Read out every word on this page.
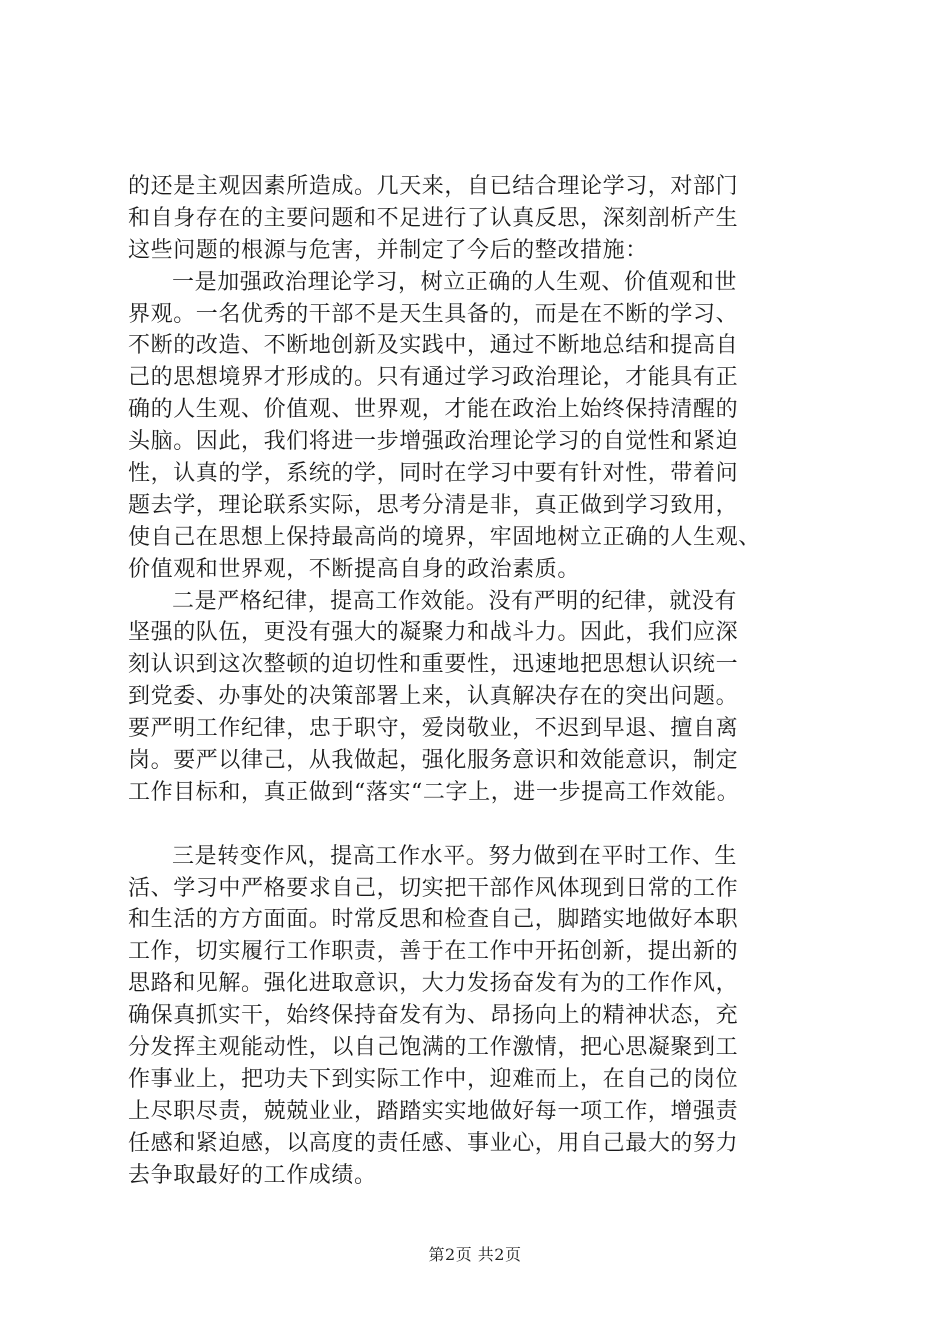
的还是主观因素所造成。几天来，自已结合理论学习，对部门
和自身存在的主要问题和不足进行了认真反思，深刻剖析产生
这些问题的根源与危害，并制定了今后的整改措施：
一是加强政治理论学习，树立正确的人生观、价值观和世
界观。一名优秀的干部不是天生具备的，而是在不断的学习、
不断的改造、不断地创新及实践中，通过不断地总结和提高自
己的思想境界才形成的。只有通过学习政治理论，才能具有正
确的人生观、价值观、世界观，才能在政治上始终保持清醒的
头脑。因此，我们将进一步增强政治理论学习的自觉性和紧迫
性，认真的学，系统的学，同时在学习中要有针对性，带着问
题去学，理论联系实际，思考分清是非，真正做到学习致用，
使自己在思想上保持最高尚的境界，牢固地树立正确的人生观、
价值观和世界观，不断提高自身的政治素质。
二是严格纪律，提高工作效能。没有严明的纪律，就没有
坚强的队伍，更没有强大的凝聚力和战斗力。因此，我们应深
刻认识到这次整顿的迫切性和重要性，迅速地把思想认识统一
到党委、办事处的决策部署上来，认真解决存在的突出问题。
要严明工作纪律，忠于职守，爱岗敬业，不迟到早退、擅自离
岗。要严以律己，从我做起，强化服务意识和效能意识，制定
工作目标和，真正做到“落实“二字上，进一步提高工作效能。
三是转变作风，提高工作水平。努力做到在平时工作、生
活、学习中严格要求自己，切实把干部作风体现到日常的工作
和生活的方方面面。时常反思和检查自己，脚踏实地做好本职
工作，切实履行工作职责，善于在工作中开拓创新，提出新的
思路和见解。强化进取意识，大力发扬奋发有为的工作作风，
确保真抓实干，始终保持奋发有为、昂扬向上的精神状态，充
分发挥主观能动性，以自己饱满的工作激情，把心思凝聚到工
作事业上，把功夫下到实际工作中，迎难而上，在自己的岗位
上尽职尽责，兢兢业业，踏踏实实地做好每一项工作，增强责
任感和紧迫感，以高度的责任感、事业心，用自己最大的努力
去争取最好的工作成绩。
第2页 共2页
